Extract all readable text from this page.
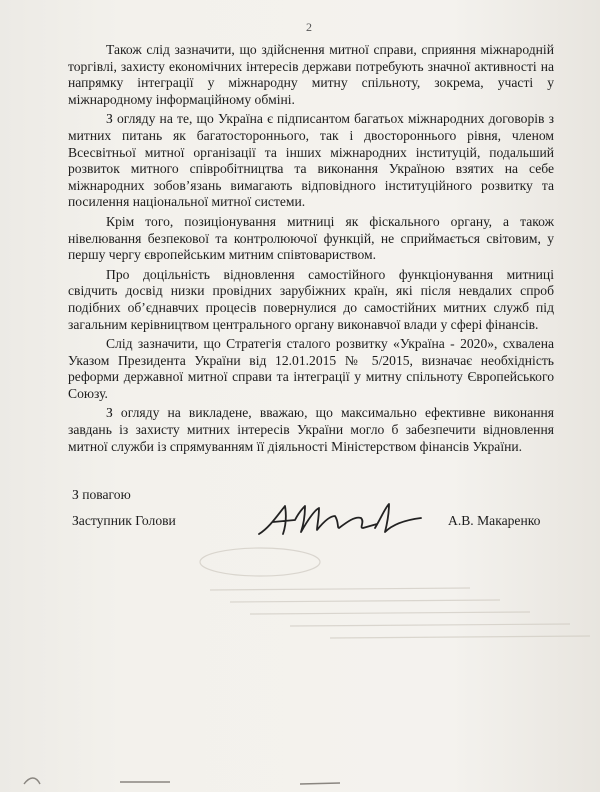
2

Також слід зазначити, що здійснення митної справи, сприяння міжнародній торгівлі, захисту економічних інтересів держави потребують значної активності на напрямку інтеграції у міжнародну митну спільноту, зокрема, участі у міжнародному інформаційному обміні.

З огляду на те, що Україна є підписантом багатьох міжнародних договорів з митних питань як багатостороннього, так і двостороннього рівня, членом Всесвітньої митної організації та інших міжнародних інституцій, подальший розвиток митного співробітництва та виконання Україною взятих на себе міжнародних зобов’язань вимагають відповідного інституційного розвитку та посилення національної митної системи.

Крім того, позиціонування митниці як фіскального органу, а також нівелювання безпекової та контролюючої функцій, не сприймається світовим, у першу чергу європейським митним співтовариством.

Про доцільність відновлення самостійного функціонування митниці свідчить досвід низки провідних зарубіжних країн, які після невдалих спроб подібних об’єднавчих процесів повернулися до самостійних митних служб під загальним керівництвом центрального органу виконавчої влади у сфері фінансів.

Слід зазначити, що Стратегія сталого розвитку «Україна - 2020», схвалена Указом Президента України від 12.01.2015 № 5/2015, визначає необхідність реформи державної митної справи та інтеграції у митну спільноту Європейського Союзу.

З огляду на викладене, вважаю, що максимально ефективне виконання завдань із захисту митних інтересів України могло б забезпечити відновлення митної служби із спрямуванням її діяльності Міністерством фінансів України.

З повагою
Заступник Голови	А.В. Макаренко
